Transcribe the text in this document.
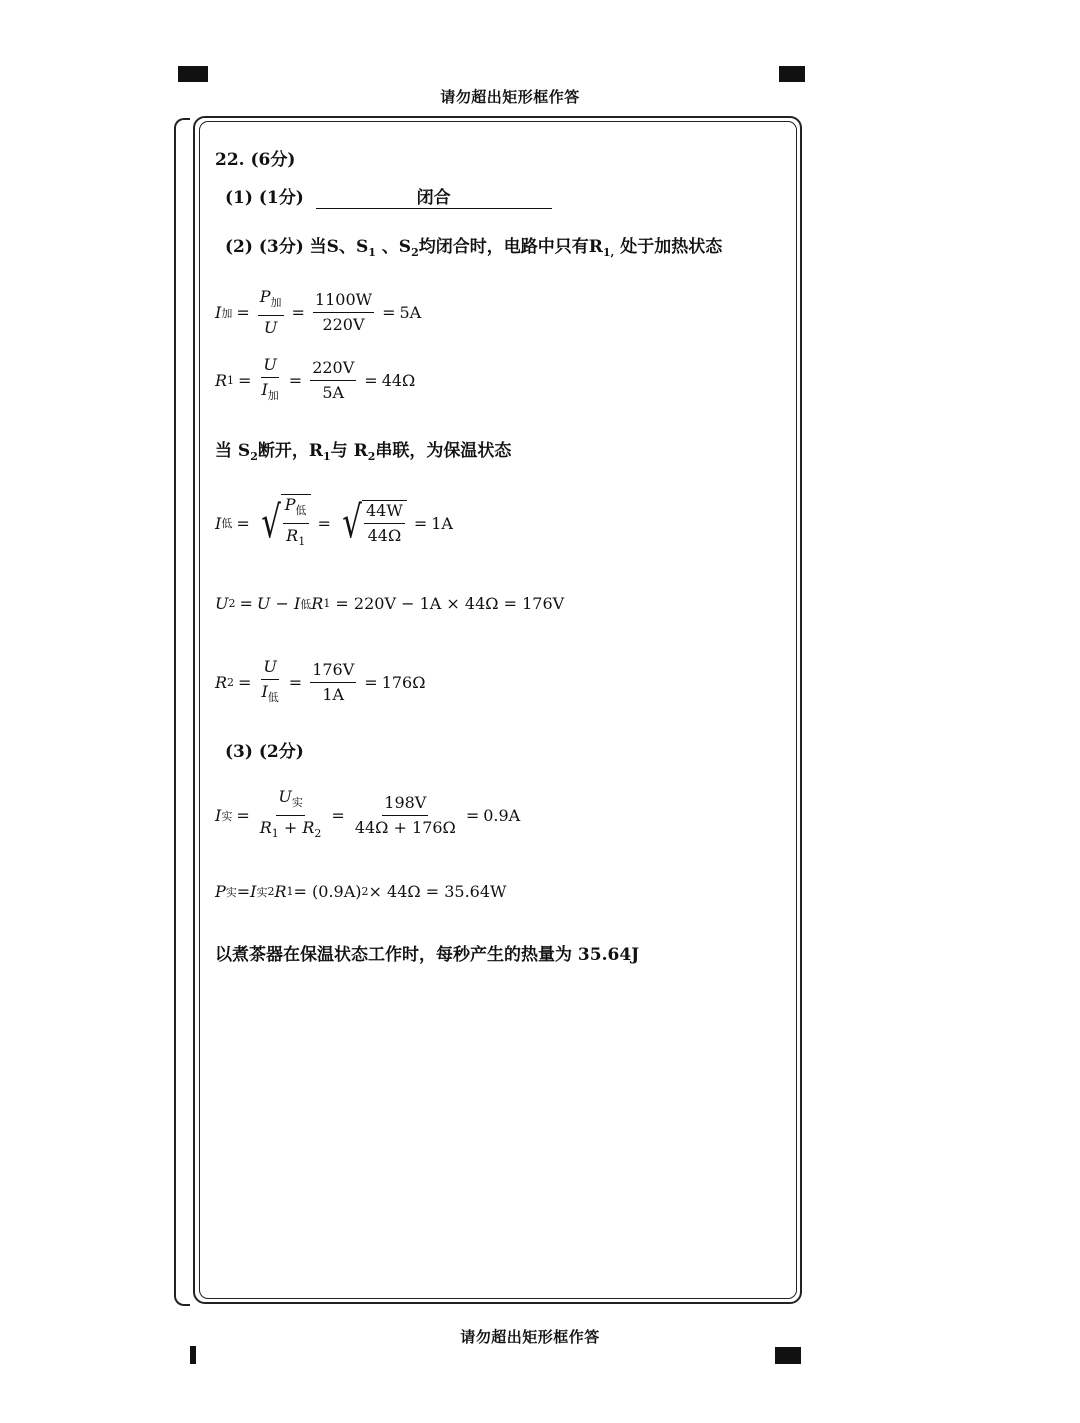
请勿超出矩形框作答
请勿超出矩形框作答
22. (6分)
(1) (1分)	闭合
(2) (3分) 当S、$S_1$ 、$S_2$均闭合时，电路中只有$R_{1,}$ 处于加热状态
I 加 = $\frac{P_加}{U} = \frac{1100W}{220V} = 5A$
R $1 = \frac{U}{I_加} = \frac{220V}{5A} = 44\Omega$
当 $S_2$断开，$R_1$与 $R_2$串联，为保温状态
I 低 = √ $\frac{P_低}{R_1}$ = √ $\frac{44W}{44\Omega} = 1A$
U 2 = U − I 低 R 1
= 220V − 1A × 44Ω = 176V
R $2 = \frac{U}{I_低} = \frac{176V}{1A} = 176\Omega$
(3) (2分)
I 实 = $\frac{U_实}{R_1 + R_2} = \frac{198V}{44\Omega + 176\Omega} = 0.9A$
P 实 = I 实 2 R 1 = (0.9A) 2 × 44Ω = 35.64W
以煮茶器在保温状态工作时，每秒产生的热量为 35.64J
